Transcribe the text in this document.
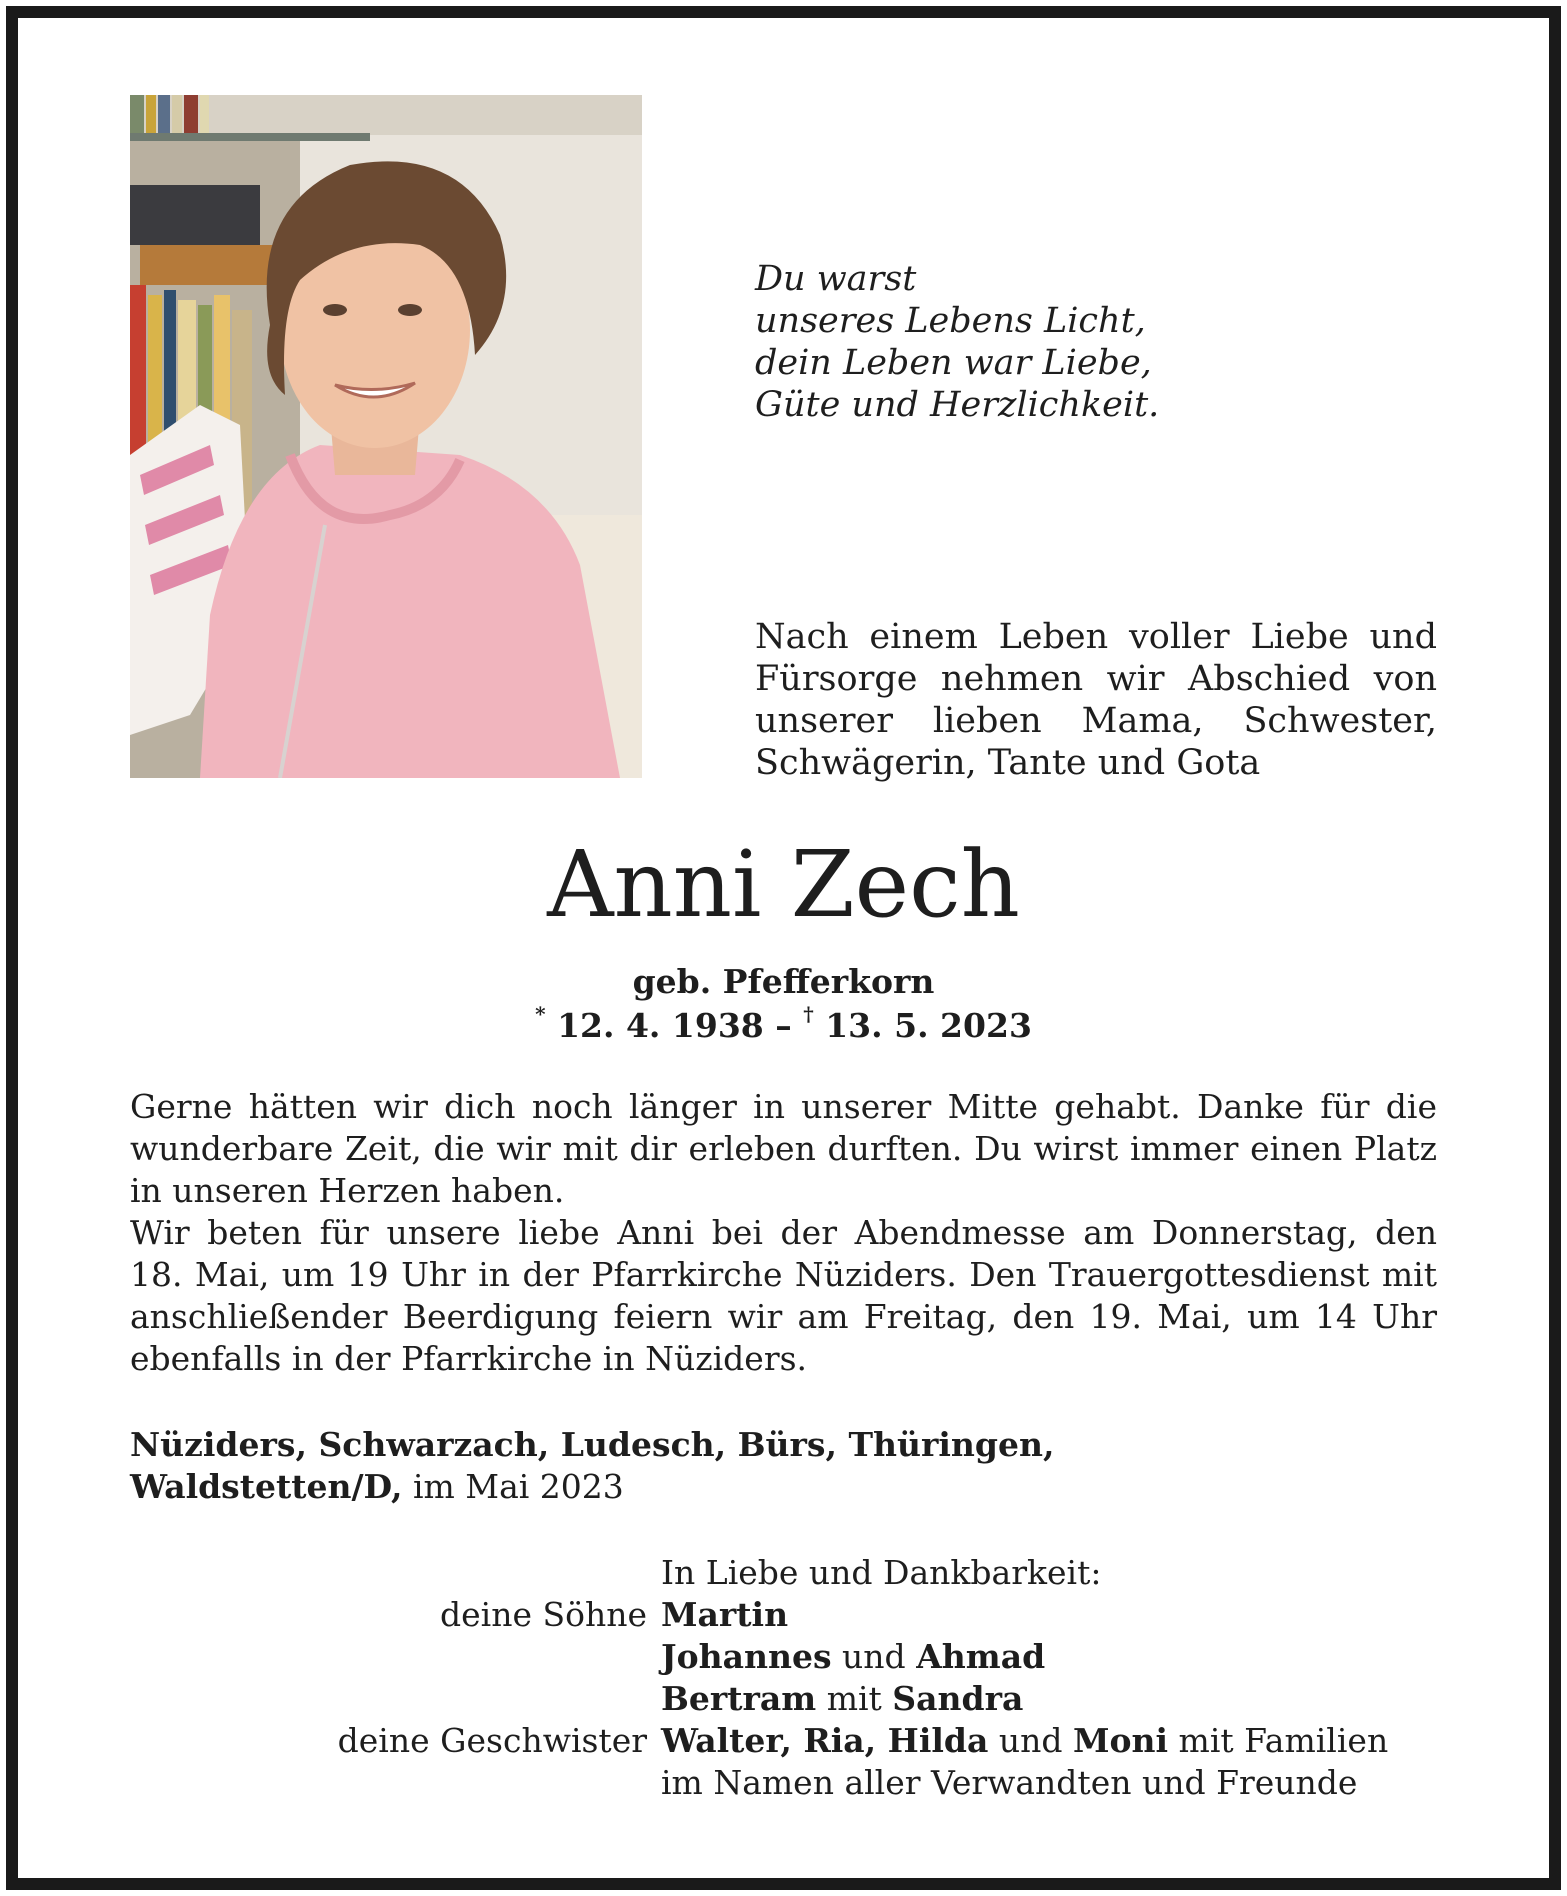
Du warst
unseres Lebens Licht,
dein Leben war Liebe,
Güte und Herzlichkeit.
Nach einem Leben voller Liebe und
Fürsorge nehmen wir Abschied von
unserer lieben Mama, Schwester,
Schwägerin, Tante und Gota
Anni Zech
geb. Pfefferkorn
* 12. 4. 1938 – † 13. 5. 2023
Gerne hätten wir dich noch länger in unserer Mitte gehabt. Danke für die
wunderbare Zeit, die wir mit dir erleben durften. Du wirst immer einen Platz
in unseren Herzen haben.
Wir beten für unsere liebe Anni bei der Abendmesse am Donnerstag, den
18. Mai, um 19 Uhr in der Pfarrkirche Nüziders. Den Trauergottesdienst mit
anschließender Beerdigung feiern wir am Freitag, den 19. Mai, um 14 Uhr
ebenfalls in der Pfarrkirche in Nüziders.
Nüziders, Schwarzach, Ludesch, Bürs, Thüringen,
Waldstetten/D, im Mai 2023
In Liebe und Dankbarkeit:
deine Söhne Martin
Johannes und Ahmad
Bertram mit Sandra
deine Geschwister Walter, Ria, Hilda und Moni mit Familien
im Namen aller Verwandten und Freunde
